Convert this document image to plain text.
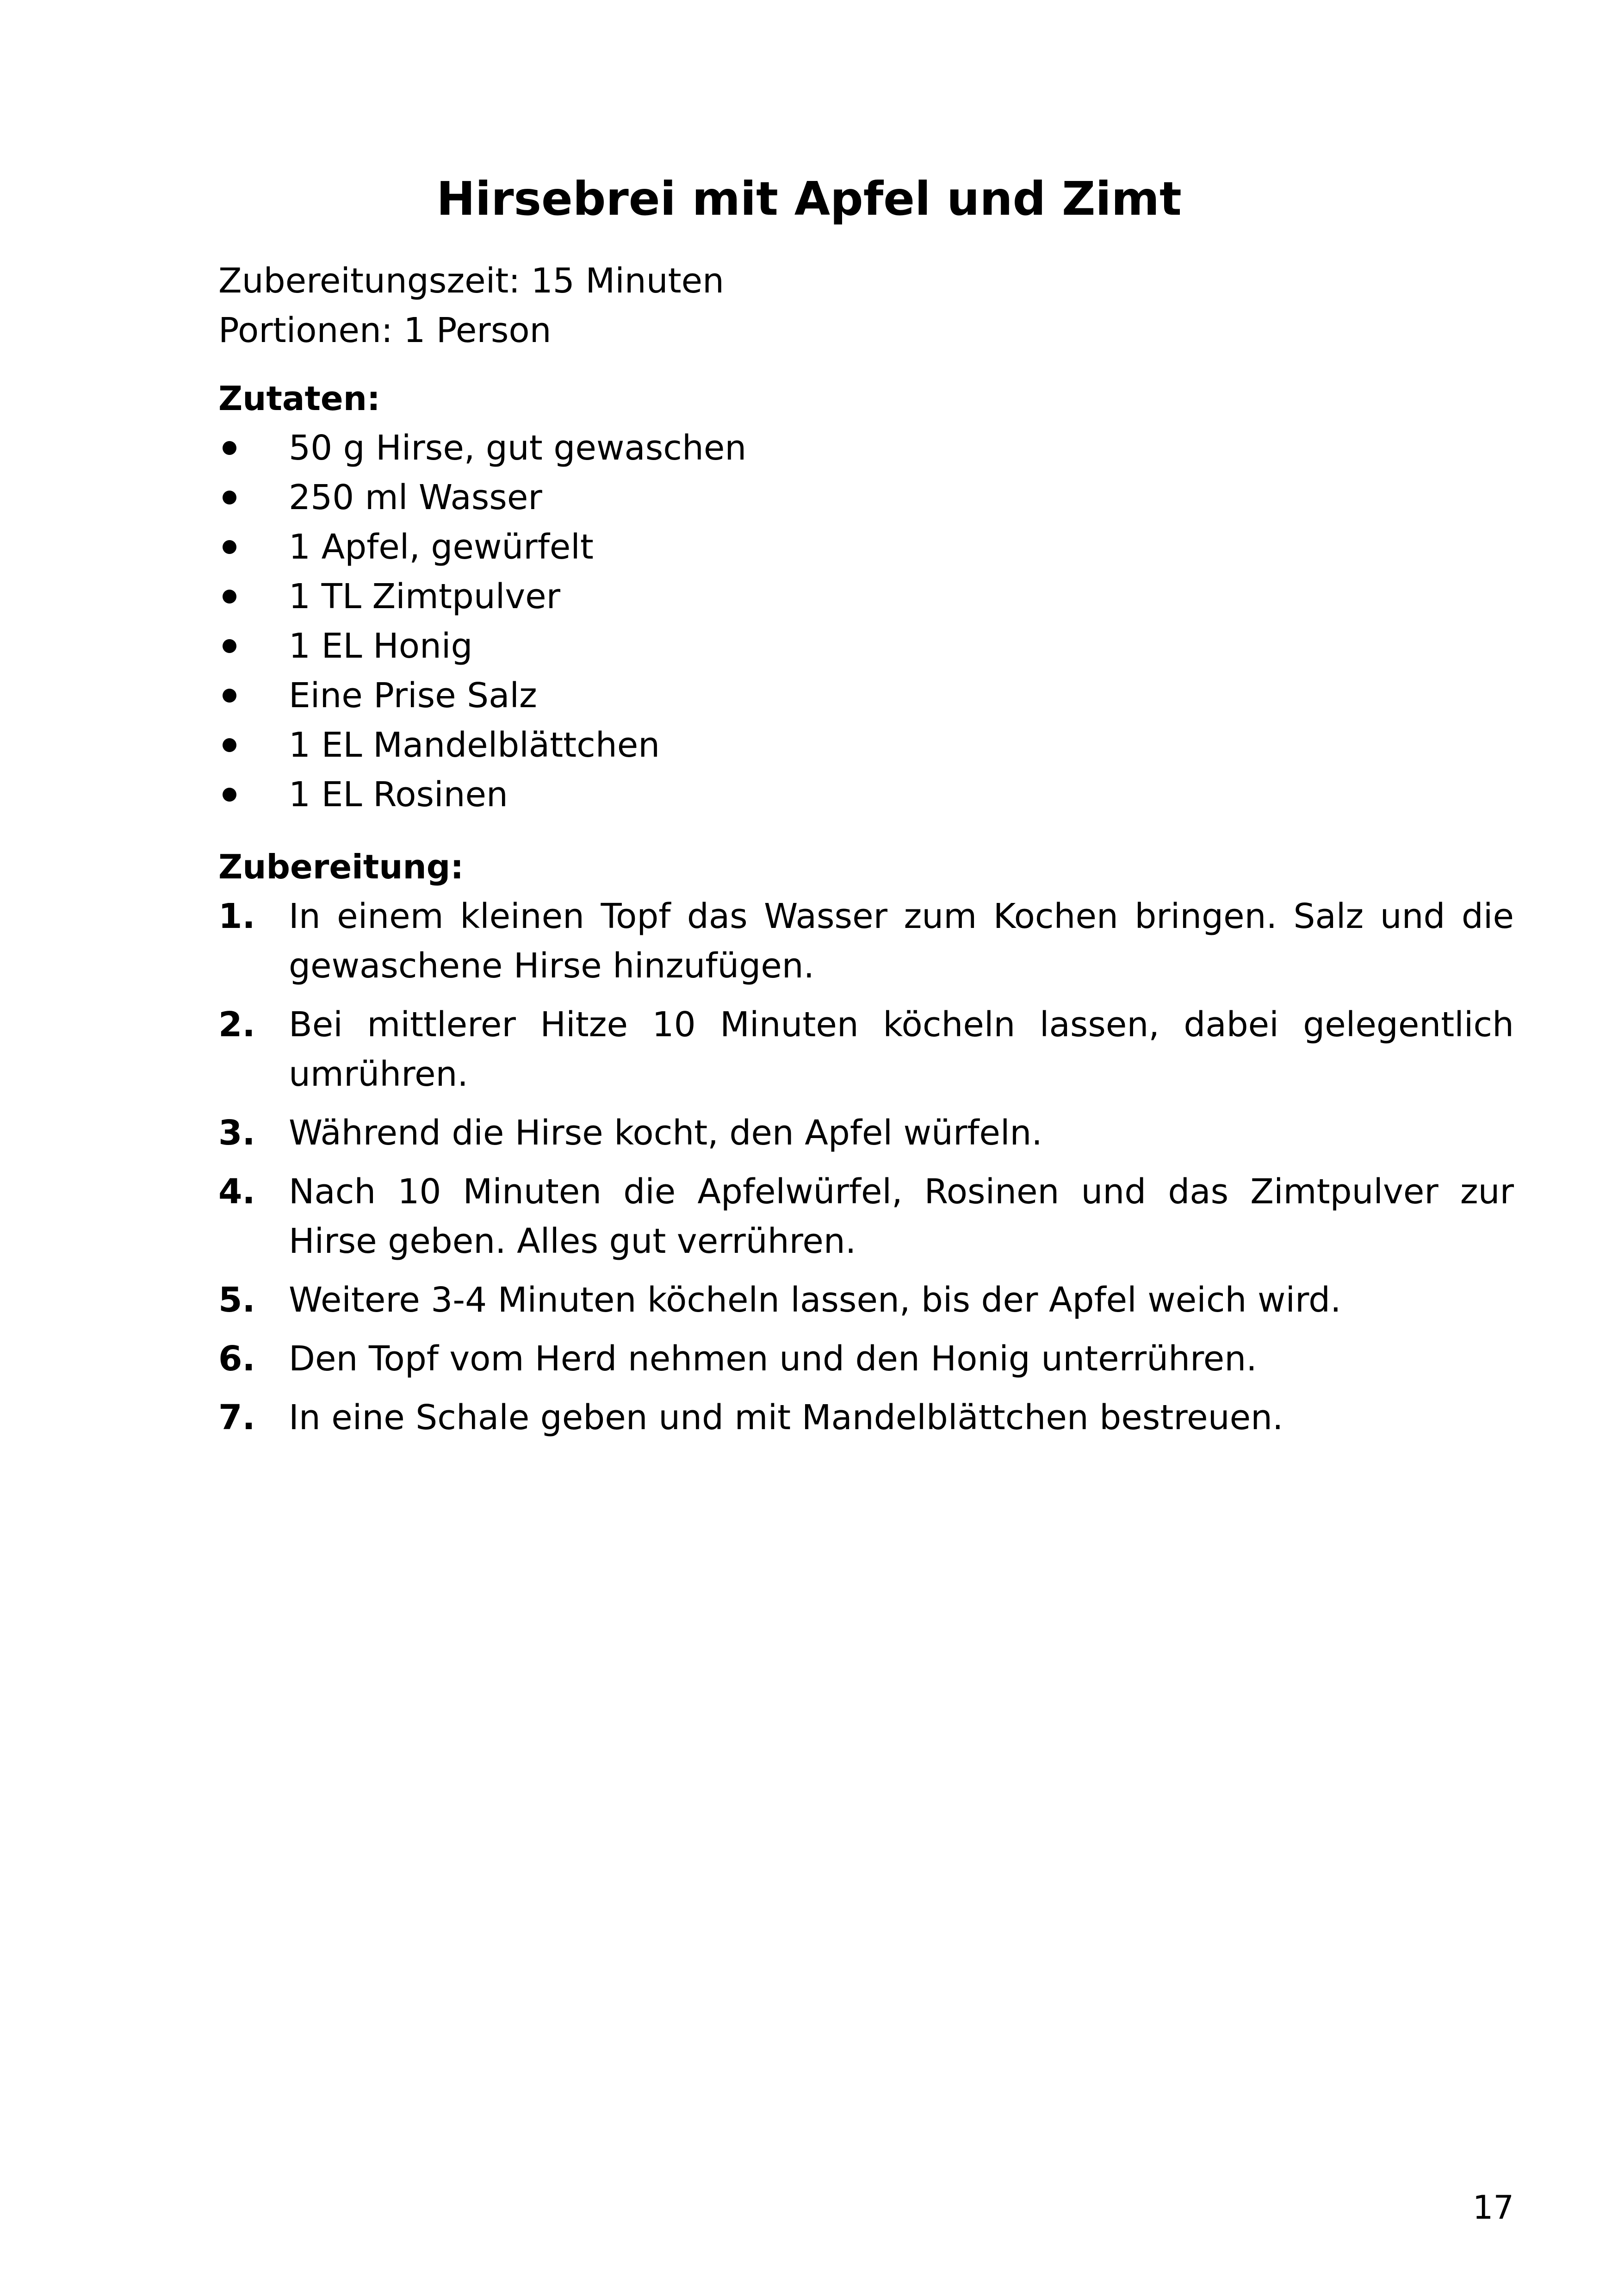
Hirsebrei mit Apfel und Zimt
Zubereitungszeit: 15 Minuten
Portionen: 1 Person
Zutaten:
50 g Hirse, gut gewaschen
250 ml Wasser
1 Apfel, gewürfelt
1 TL Zimtpulver
1 EL Honig
Eine Prise Salz
1 EL Mandelblättchen
1 EL Rosinen
Zubereitung:
1. In einem kleinen Topf das Wasser zum Kochen bringen. Salz und die gewaschene Hirse hinzufügen.
2. Bei mittlerer Hitze 10 Minuten köcheln lassen, dabei gelegentlich umrühren.
3. Während die Hirse kocht, den Apfel würfeln.
4. Nach 10 Minuten die Apfelwürfel, Rosinen und das Zimtpulver zur Hirse geben. Alles gut verrühren.
5. Weitere 3-4 Minuten köcheln lassen, bis der Apfel weich wird.
6. Den Topf vom Herd nehmen und den Honig unterrühren.
7. In eine Schale geben und mit Mandelblättchen bestreuen.
17
